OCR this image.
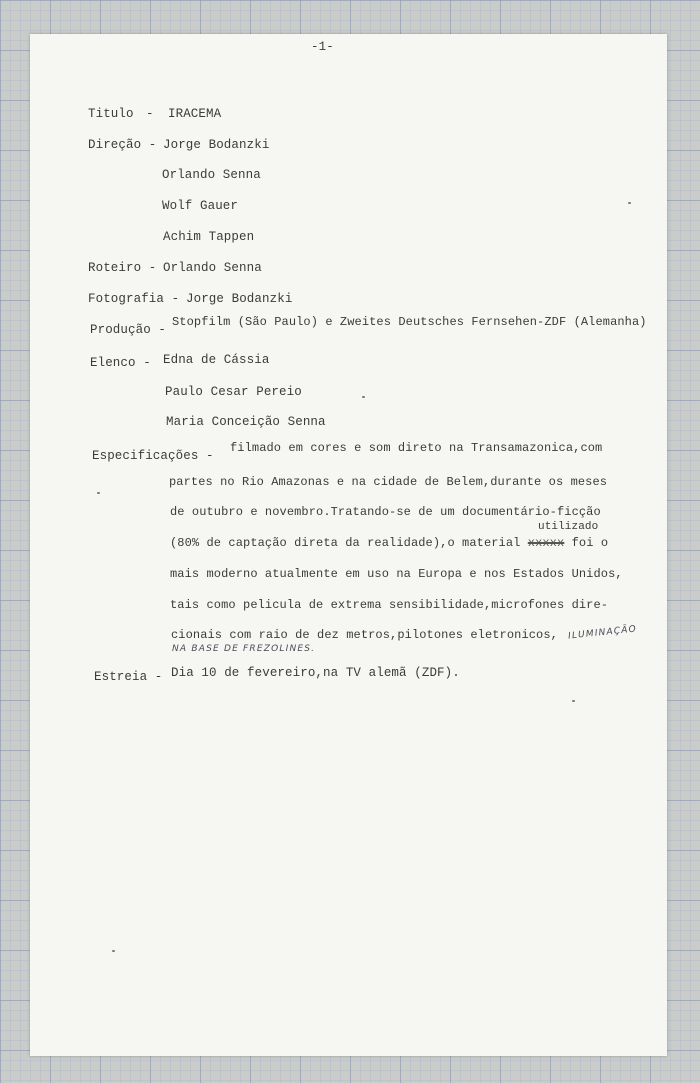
-1-
Titulo - IRACEMA
Direção - Jorge Bodanzki
Orlando Senna
Wolf Gauer
Achim Tappen
Roteiro - Orlando Senna
Fotografia - Jorge Bodanzki
Produção -
Stopfilm (São Paulo) e Zweites Deutsches Fernsehen-ZDF (Alemanha)
Elenco - Edna de Cássia
Paulo Cesar Pereio
Maria Conceição Senna
Especificações -
filmado em cores e som direto na Transamazonica,com
partes no Rio Amazonas e na cidade de Belem,durante os meses
de outubro e novembro.Tratando-se de um documentário-ficção
utilizado
(80% de captação direta da realidade),o material xxxxx foi o
mais moderno atualmente em uso na Europa e nos Estados Unidos,
tais como pelicula de extrema sensibilidade,microfones dire-
cionais com raio de dez metros,pilotones eletronicos, ILUMINAÇÃO
NA BASE DE FREZOLINES.
Estreia - Dia 10 de fevereiro,na TV alemã (ZDF).
